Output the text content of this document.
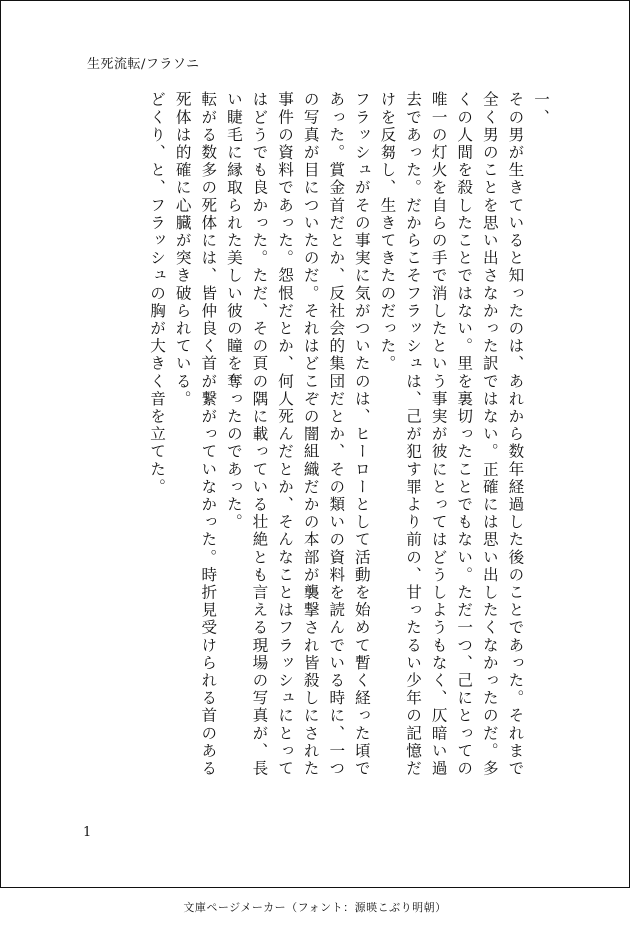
生死流転/フラソニ

一、

その男が生きていると知ったのは、あれから数年経過した後のことであった。それまで全く男のことを思い出さなかった訳ではない。正確には思い出したくなかったのだ。多くの人間を殺したことではない。里を裏切ったことでもない。ただ一つ、己にとっての唯一の灯火を自らの手で消したという事実が彼にとってはどうしようもなく、仄暗い過去であった。だからこそフラッシュは、己が犯す罪より前の、甘ったるい少年の記憶だけを反芻し、生きてきたのだった。

フラッシュがその事実に気がついたのは、ヒーローとして活動を始めて暫く経った頃であった。賞金首だとか、反社会的集団だとか、その類いの資料を読んでいる時に、一つの写真が目についたのだ。それはどこぞの闇組織だかの本部が襲撃され皆殺しにされた事件の資料であった。怨恨だとか、何人死んだとか、そんなことはフラッシュにとってはどうでも良かった。ただ、その頁の隅に載っている壮絶とも言える現場の写真が、長い睫毛に縁取られた美しい彼の瞳を奪ったのであった。

転がる数多の死体には、皆仲良く首が繋がっていなかった。時折見受けられる首のある死体は的確に心臓が突き破られている。

どくり、と、フラッシュの胸が大きく音を立てた。

1
文庫ページメーカー（フォント：源暎こぶり明朝）
